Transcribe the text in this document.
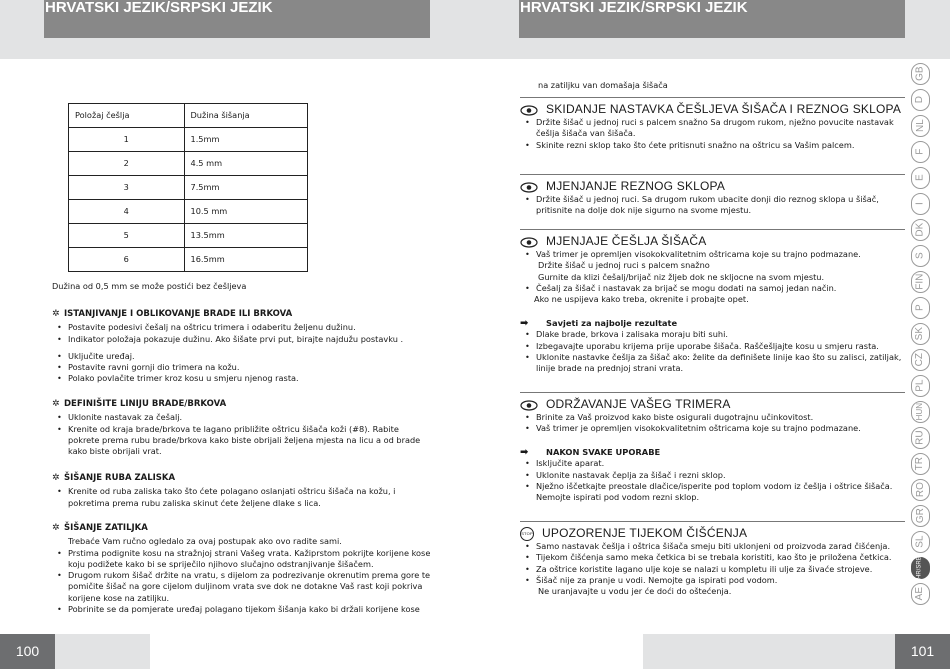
HRVATSKI JEZIK/SRPSKI JEZIK	HRVATSKI JEZIK/SRPSKI JEZIK
Položaj češlja	Dužina šišanja
1	1.5mm
2	4.5 mm
3	7.5mm
4	10.5 mm
5	13.5mm
6	16.5mm
Dužina od 0,5 mm se može postići bez češljeva
✲ ISTANJIVANJE I OBLIKOVANJE BRADE ILI BRKOVA
• Postavite podesivi češalj na oštricu trimera i odaberitu željenu dužinu.
• Indikator položaja pokazuje dužinu. Ako šišate prvi put, birajte najdužu postavku .
• Uključite uređaj.
• Postavite ravni gornji dio trimera na kožu.
• Polako povlačite trimer kroz kosu u smjeru njenog rasta.
✲ DEFINIŠITE LINIJU BRADE/BRKOVA
• Uklonite nastavak za češalj.
• Krenite od kraja brade/brkova te lagano približite oštricu šišača koži (#8). Rabite pokrete prema rubu brade/brkova kako biste obrijali željena mjesta na licu a od brade kako biste obrijali vrat.
✲ ŠIŠANJE RUBA ZALISKA
• Krenite od ruba zaliska tako što ćete polagano oslanjati oštricu šišača na kožu, i pokretima prema rubu zaliska skinut ćete željene dlake s lica.
✲ ŠIŠANJE ZATILJKA
Trebaće Vam ručno ogledalo za ovaj postupak ako ovo radite sami.
• Prstima podignite kosu na stražnjoj strani Vašeg vrata. Kažiprstom pokrijte korijene kose koju podižete kako bi se spriječilo njihovo slučajno odstranjivanje šišačem.
• Drugom rukom šišač držite na vratu, s dijelom za podrezivanje okrenutim prema gore te pomičite šišač na gore cijelom duljinom vrata sve dok ne dotakne Vaš rast koji pokriva korijene kose na zatiljku.
• Pobrinite se da pomjerate uređaj polagano tijekom šišanja kako bi držali korijene kose
na zatiljku van domašaja šišača
SKIDANJE NASTAVKA ČEŠLJEVA ŠIŠAČA I REZNOG SKLOPA
• Držite šišač u jednoj ruci s palcem snažno Sa drugom rukom, nježno povucite nastavak češlja šišača van šišača.
• Skinite rezni sklop tako što ćete pritisnuti snažno na oštricu sa Vašim palcem.
MJENJANJE REZNOG SKLOPA
• Držite šišač u jednoj ruci. Sa drugom rukom ubacite donji dio reznog sklopa u šišač, pritisnite na dolje dok nije sigurno na svome mjestu.
MJENJAJE ČEŠLJA ŠIŠAČA
• Vaš trimer je opremljen visokokvalitetnim oštricama koje su trajno podmazane.
Držite šišač u jednoj ruci s palcem snažno
Gurnite da klizi češalj/brijač niz žljeb dok ne skljocne na svom mjestu.
• Češalj za šišač i nastavak za brijač se mogu dodati na samoj jedan način.
Ako ne uspijeva kako treba, okrenite i probajte opet.
➡	Savjeti za najbolje rezultate
• Dlake brade, brkova i zalisaka moraju biti suhi.
• Izbegavajte uporabu krijema prije uporabe šišača. Raščešljajte kosu u smjeru rasta.
• Uklonite nastavke češlja za šišač ako: želite da definišete linije kao što su zalisci, zatiljak, linije brade na prednjoj strani vrata.
ODRŽAVANJE VAŠEG TRIMERA
• Brinite za Vaš proizvod kako biste osigurali dugotrajnu učinkovitost.
• Vaš trimer je opremljen visokokvalitetnim oštricama koje su trajno podmazane.
➡	NAKON SVAKE UPORABE
• Isključite aparat.
• Uklonite nastavak čeplja za šišač i rezni sklop.
• Nježno iščetkajte preostale dlačice/isperite pod toplom vodom iz češlja i oštrice šišača. Nemojte ispirati pod vodom rezni sklop.
STOP UPOZORENJE TIJEKOM ČIŠĆENJA
• Samo nastavak češlja i oštrica šišača smeju biti uklonjeni od proizvoda zarad čišćenja.
• Tijekom čišćenja samo meka četkica bi se trebala koristiti, kao što je priložena četkica.
• Za oštrice koristite lagano ulje koje se nalazi u kompletu ili ulje za šivaće strojeve.
• Šišač nije za pranje u vodi. Nemojte ga ispirati pod vodom.
Ne uranjavajte u vodu jer će doći do oštećenja.
GB
D
NL
F
E
I
DK
S
FIN
P
SK
CZ
PL
HUN
RU
TR
RO
GR
SL
HR/SRB
AE
100	101
